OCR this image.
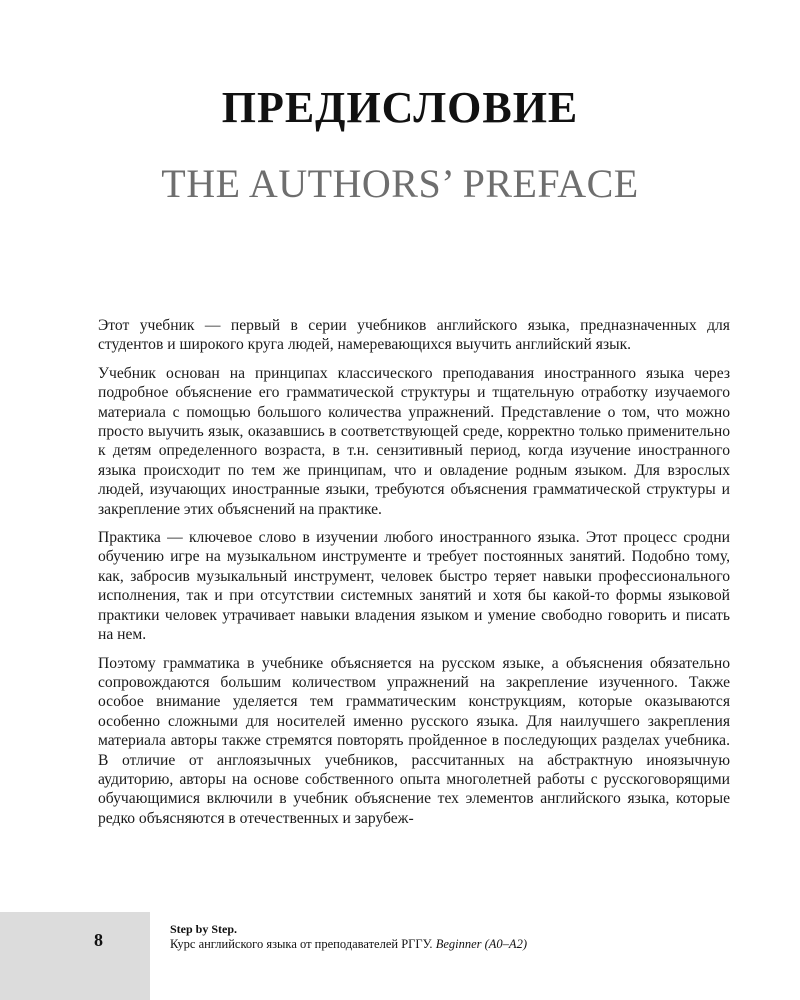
ПРЕДИСЛОВИЕ
THE AUTHORS’ PREFACE

Этот учебник — первый в серии учебников английского языка, предназначенных для студентов и широкого круга людей, намеревающихся выучить английский язык.

Учебник основан на принципах классического преподавания иностранного языка через подробное объяснение его грамматической структуры и тщательную отработку изучаемого материала с помощью большого количества упражнений. Представление о том, что можно просто выучить язык, оказавшись в соответствующей среде, корректно только применительно к детям определенного возраста, в т.н. сензитивный период, когда изучение иностранного языка происходит по тем же принципам, что и овладение родным языком. Для взрослых людей, изучающих иностранные языки, требуются объяснения грамматической структуры и закрепление этих объяснений на практике.

Практика — ключевое слово в изучении любого иностранного языка. Этот процесс сродни обучению игре на музыкальном инструменте и требует постоянных занятий. Подобно тому, как, забросив музыкальный инструмент, человек быстро теряет навыки профессионального исполнения, так и при отсутствии системных занятий и хотя бы какой-то формы языковой практики человек утрачивает навыки владения языком и умение свободно говорить и писать на нем.

Поэтому грамматика в учебнике объясняется на русском языке, а объяснения обязательно сопровождаются большим количеством упражнений на закрепление изученного. Также особое внимание уделяется тем грамматическим конструкциям, которые оказываются особенно сложными для носителей именно русского языка. Для наилучшего закрепления материала авторы также стремятся повторять пройденное в последующих разделах учебника. В отличие от англоязычных учебников, рассчитанных на абстрактную иноязычную аудиторию, авторы на основе собственного опыта многолетней работы с русскоговорящими обучающимися включили в учебник объяснение тех элементов английского языка, которые редко объясняются в отечественных и зарубеж-

8
Step by Step.
Курс английского языка от преподавателей РГГУ. Beginner (A0–A2)
